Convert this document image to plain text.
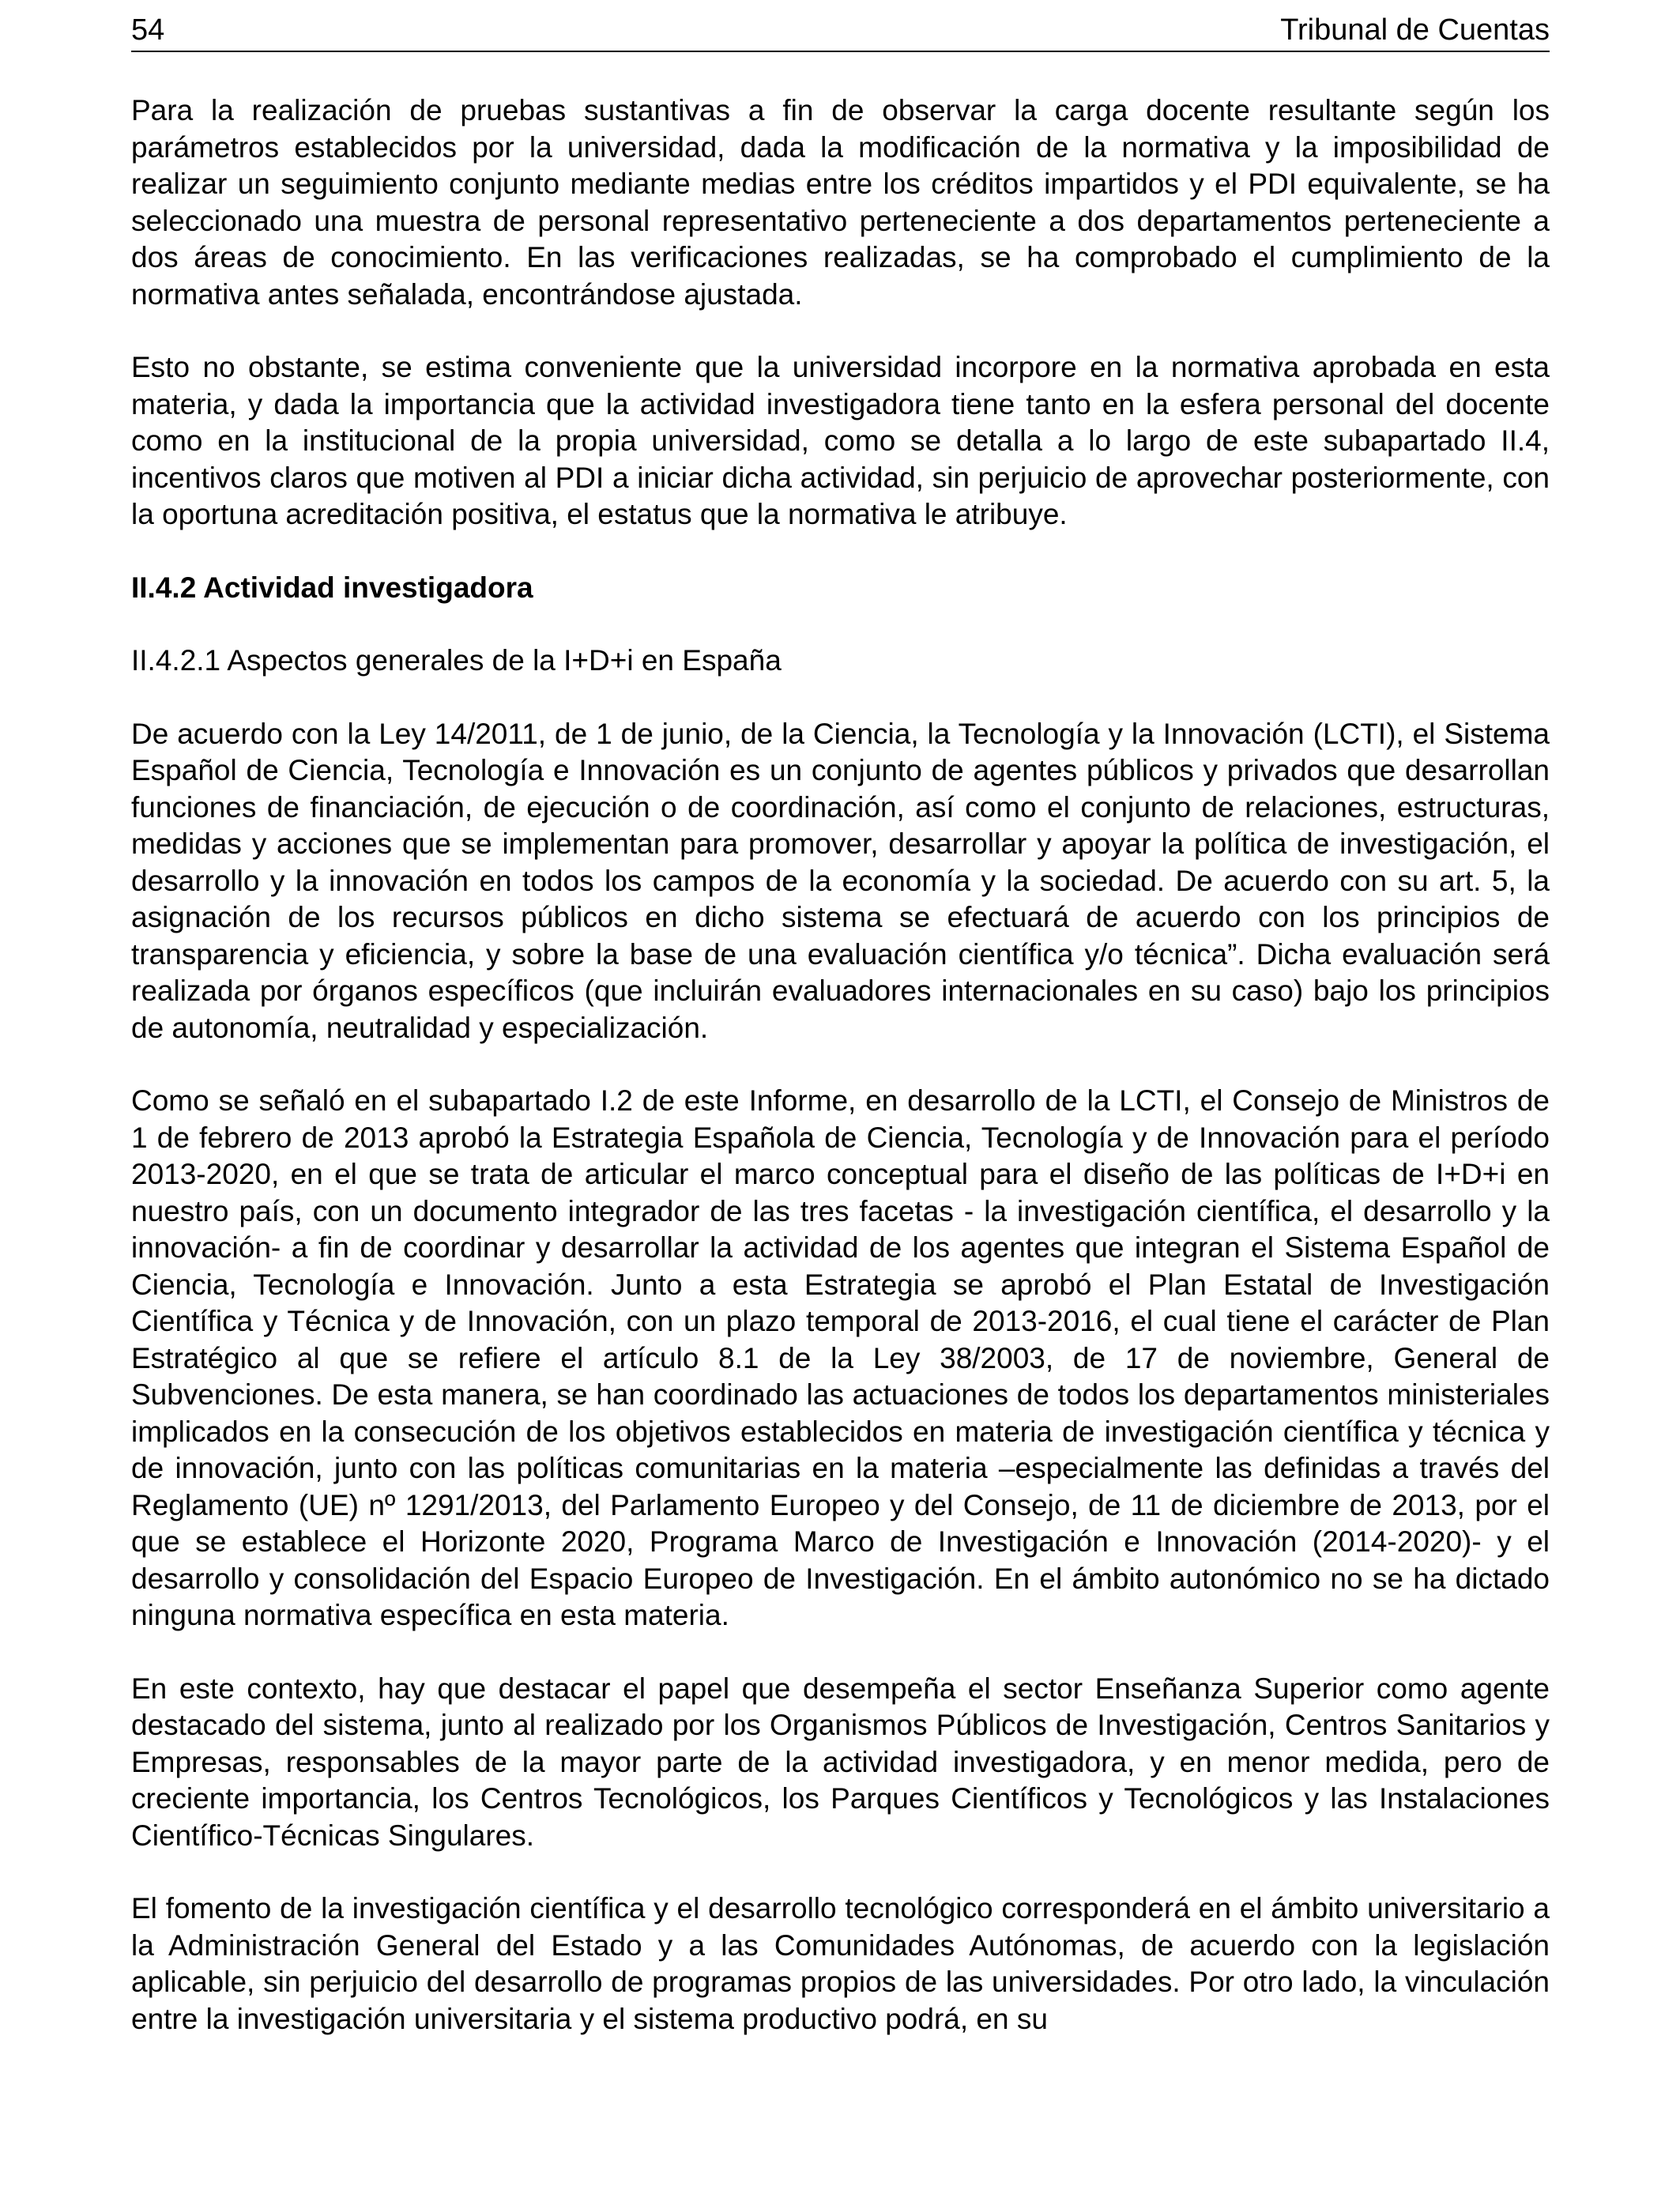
54	Tribunal de Cuentas

Para la realización de pruebas sustantivas a fin de observar la carga docente resultante según los parámetros establecidos por la universidad, dada la modificación de la normativa y la imposibilidad de realizar un seguimiento conjunto mediante medias entre los créditos impartidos y el PDI equivalente, se ha seleccionado una muestra de personal representativo perteneciente a dos departamentos perteneciente a dos áreas de conocimiento. En las verificaciones realizadas, se ha comprobado el cumplimiento de la normativa antes señalada, encontrándose ajustada.

Esto no obstante, se estima conveniente que la universidad incorpore en la normativa aprobada en esta materia, y dada la importancia que la actividad investigadora tiene tanto en la esfera personal del docente como en la institucional de la propia universidad, como se detalla a lo largo de este subapartado II.4, incentivos claros que motiven al PDI a iniciar dicha actividad, sin perjuicio de aprovechar posteriormente, con la oportuna acreditación positiva, el estatus que la normativa le atribuye.

II.4.2 Actividad investigadora
II.4.2.1 Aspectos generales de la I+D+i en España

De acuerdo con la Ley 14/2011, de 1 de junio, de la Ciencia, la Tecnología y la Innovación (LCTI), el Sistema Español de Ciencia, Tecnología e Innovación es un conjunto de agentes públicos y privados que desarrollan funciones de financiación, de ejecución o de coordinación, así como el conjunto de relaciones, estructuras, medidas y acciones que se implementan para promover, desarrollar y apoyar la política de investigación, el desarrollo y la innovación en todos los campos de la economía y la sociedad. De acuerdo con su art. 5, la asignación de los recursos públicos en dicho sistema se efectuará de acuerdo con los principios de transparencia y eficiencia, y sobre la base de una evaluación científica y/o técnica”. Dicha evaluación será realizada por órganos específicos (que incluirán evaluadores internacionales en su caso) bajo los principios de autonomía, neutralidad y especialización.

Como se señaló en el subapartado I.2 de este Informe, en desarrollo de la LCTI, el Consejo de Ministros de 1 de febrero de 2013 aprobó la Estrategia Española de Ciencia, Tecnología y de Innovación para el período 2013-2020, en el que se trata de articular el marco conceptual para el diseño de las políticas de I+D+i en nuestro país, con un documento integrador de las tres facetas - la investigación científica, el desarrollo y la innovación- a fin de coordinar y desarrollar la actividad de los agentes que integran el Sistema Español de Ciencia, Tecnología e Innovación. Junto a esta Estrategia se aprobó el Plan Estatal de Investigación Científica y Técnica y de Innovación, con un plazo temporal de 2013-2016, el cual tiene el carácter de Plan Estratégico al que se refiere el artículo 8.1 de la Ley 38/2003, de 17 de noviembre, General de Subvenciones. De esta manera, se han coordinado las actuaciones de todos los departamentos ministeriales implicados en la consecución de los objetivos establecidos en materia de investigación científica y técnica y de innovación, junto con las políticas comunitarias en la materia –especialmente las definidas a través del Reglamento (UE) nº 1291/2013, del Parlamento Europeo y del Consejo, de 11 de diciembre de 2013, por el que se establece el Horizonte 2020, Programa Marco de Investigación e Innovación (2014-2020)- y el desarrollo y consolidación del Espacio Europeo de Investigación. En el ámbito autonómico no se ha dictado ninguna normativa específica en esta materia.

En este contexto, hay que destacar el papel que desempeña el sector Enseñanza Superior como agente destacado del sistema, junto al realizado por los Organismos Públicos de Investigación, Centros Sanitarios y Empresas, responsables de la mayor parte de la actividad investigadora, y en menor medida, pero de creciente importancia, los Centros Tecnológicos, los Parques Científicos y Tecnológicos y las Instalaciones Científico-Técnicas Singulares.

El fomento de la investigación científica y el desarrollo tecnológico corresponderá en el ámbito universitario a la Administración General del Estado y a las Comunidades Autónomas, de acuerdo con la legislación aplicable, sin perjuicio del desarrollo de programas propios de las universidades. Por otro lado, la vinculación entre la investigación universitaria y el sistema productivo podrá, en su
